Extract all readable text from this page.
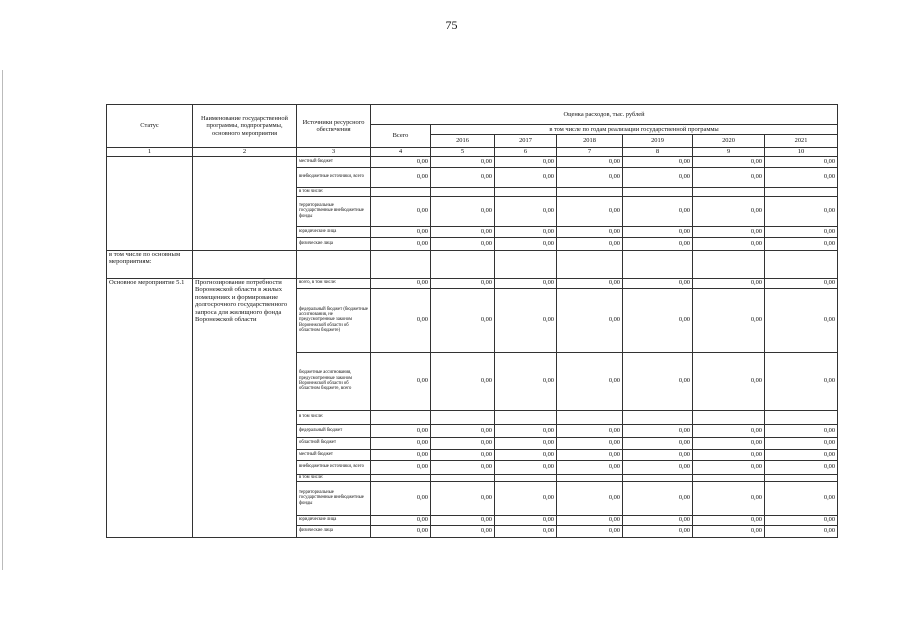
75
Статус	Наименование государственной программы, подпрограммы, основного мероприятия	Источники ресурсного обеспечения	Оценка расходов, тыс. рублей						
			Всего	в том числе по годам реализации государственной программы					
				2016	2017	2018	2019	2020	2021
1	2	3	4	5	6	7	8	9	10
		местный бюджет	0,00	0,00	0,00	0,00	0,00	0,00	0,00
		внебюджетные источники, всего	0,00	0,00	0,00	0,00	0,00	0,00	0,00
		в том числе:							
		территориальные государственные внебюджетные фонды	0,00	0,00	0,00	0,00	0,00	0,00	0,00
		юридические лица	0,00	0,00	0,00	0,00	0,00	0,00	0,00
		физические лица	0,00	0,00	0,00	0,00	0,00	0,00	0,00
в том числе по основным мероприятиям:									
Основное мероприятие 5.1	Прогнозирование потребности Воронежской области в жилых помещениях и формирование долгосрочного государственного запроса для жилищного фонда Воронежской области	всего, в том числе:	0,00	0,00	0,00	0,00	0,00	0,00	0,00
		федеральный бюджет (бюджетные ассигнования, не предусмотренные законом Воронежской области об областном бюджете)	0,00	0,00	0,00	0,00	0,00	0,00	0,00
		бюджетные ассигнования, предусмотренные законом Воронежской области об областном бюджете, всего	0,00	0,00	0,00	0,00	0,00	0,00	0,00
		в том числе:							
		федеральный бюджет	0,00	0,00	0,00	0,00	0,00	0,00	0,00
		областной бюджет	0,00	0,00	0,00	0,00	0,00	0,00	0,00
		местный бюджет	0,00	0,00	0,00	0,00	0,00	0,00	0,00
		внебюджетные источники, всего	0,00	0,00	0,00	0,00	0,00	0,00	0,00
		в том числе:							
		территориальные государственные внебюджетные фонды	0,00	0,00	0,00	0,00	0,00	0,00	0,00
		юридические лица	0,00	0,00	0,00	0,00	0,00	0,00	0,00
		физические лица	0,00	0,00	0,00	0,00	0,00	0,00	0,00
